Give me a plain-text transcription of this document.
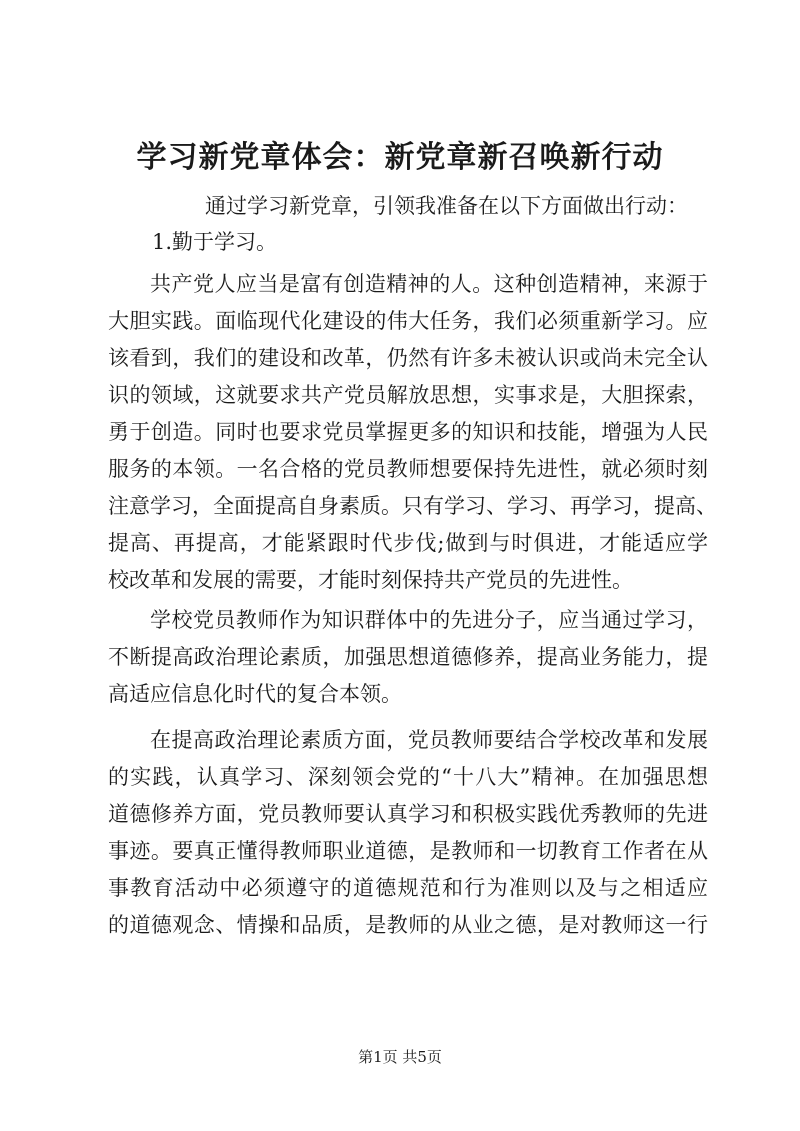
学习新党章体会：新党章新召唤新行动

通过学习新党章，引领我准备在以下方面做出行动：

1.勤于学习。

共产党人应当是富有创造精神的人。这种创造精神，来源于
大胆实践。面临现代化建设的伟大任务，我们必须重新学习。应
该看到，我们的建设和改革，仍然有许多未被认识或尚未完全认
识的领域，这就要求共产党员解放思想，实事求是，大胆探索，
勇于创造。同时也要求党员掌握更多的知识和技能，增强为人民
服务的本领。一名合格的党员教师想要保持先进性，就必须时刻
注意学习，全面提高自身素质。只有学习、学习、再学习，提高、
提高、再提高，才能紧跟时代步伐;做到与时俱进，才能适应学
校改革和发展的需要，才能时刻保持共产党员的先进性。
学校党员教师作为知识群体中的先进分子，应当通过学习，
不断提高政治理论素质，加强思想道德修养，提高业务能力，提
高适应信息化时代的复合本领。
在提高政治理论素质方面，党员教师要结合学校改革和发展
的实践，认真学习、深刻领会党的“十八大”精神。在加强思想
道德修养方面，党员教师要认真学习和积极实践优秀教师的先进
事迹。要真正懂得教师职业道德，是教师和一切教育工作者在从
事教育活动中必须遵守的道德规范和行为准则以及与之相适应
的道德观念、情操和品质，是教师的从业之德，是对教师这一行

第1页 共5页
